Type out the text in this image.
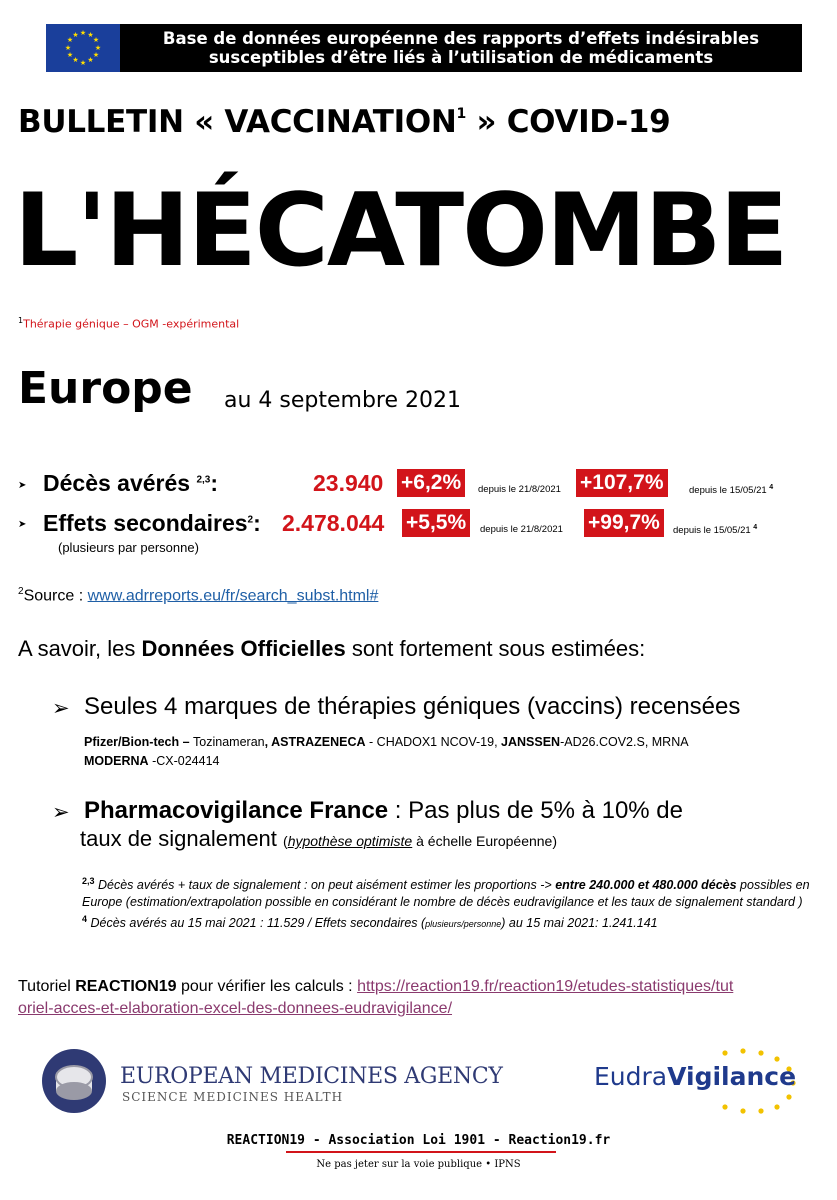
★ ★
★
★
★
★
★
★
★
★
★
★	Base de données européenne des rapports d’effets indésirables
susceptibles d’être liés à l’utilisation de médicaments
BULLETIN « VACCINATION$^1$ » COVID-19
L'HÉCATOMBE
$^1$Thérapie génique – OGM -expérimental
Europe au 4 septembre 2021
➤ Décès avérés $^{2,3}$:	23.940 +6,2%	depuis le 21/8/2021 +107,7%	depuis le 15/05/21 $^4$
➤ Effets secondaires$^2$: 2.478.044 +5,5%	depuis le 21/8/2021 +99,7%	depuis le 15/05/21 $^4$
(plusieurs par personne)
$^2$Source : www.adrreports.eu/fr/search_subst.html#
A savoir, les Données Officielles sont fortement sous estimées:
➢ Seules 4 marques de thérapies géniques (vaccins) recensées
Pfizer/Bion-tech – Tozinameran, ASTRAZENECA - CHADOX1 NCOV-19, JANSSEN-AD26.COV2.S, MRNA
MODERNA -CX-024414
➢ Pharmacovigilance France : Pas plus de 5% à 10% de
taux de signalement (hypothèse optimiste à échelle Européenne)
$^{2,3}$ Décès avérés + taux de signalement : on peut aisément estimer les proportions -> entre 240.000 et 480.000 décès possibles en Europe (estimation/extrapolation possible en considérant le nombre de décès eudravigilance et les taux de signalement standard )
$^4$ Décès avérés au 15 mai 2021 : 11.529 / Effets secondaires (plusieurs/personne) au 15 mai 2021: 1.241.141
Tutoriel REACTION19 pour vérifier les calculs : https://reaction19.fr/reaction19/etudes-statistiques/tutoriel-acces-et-elaboration-excel-des-donnees-eudravigilance/
EUROPEAN MEDICINES AGENCY
SCIENCE MEDICINES HEALTH
EudraVigilance
REACTION19 - Association Loi 1901 - Reaction19.fr
Ne pas jeter sur la voie publique • IPNS
